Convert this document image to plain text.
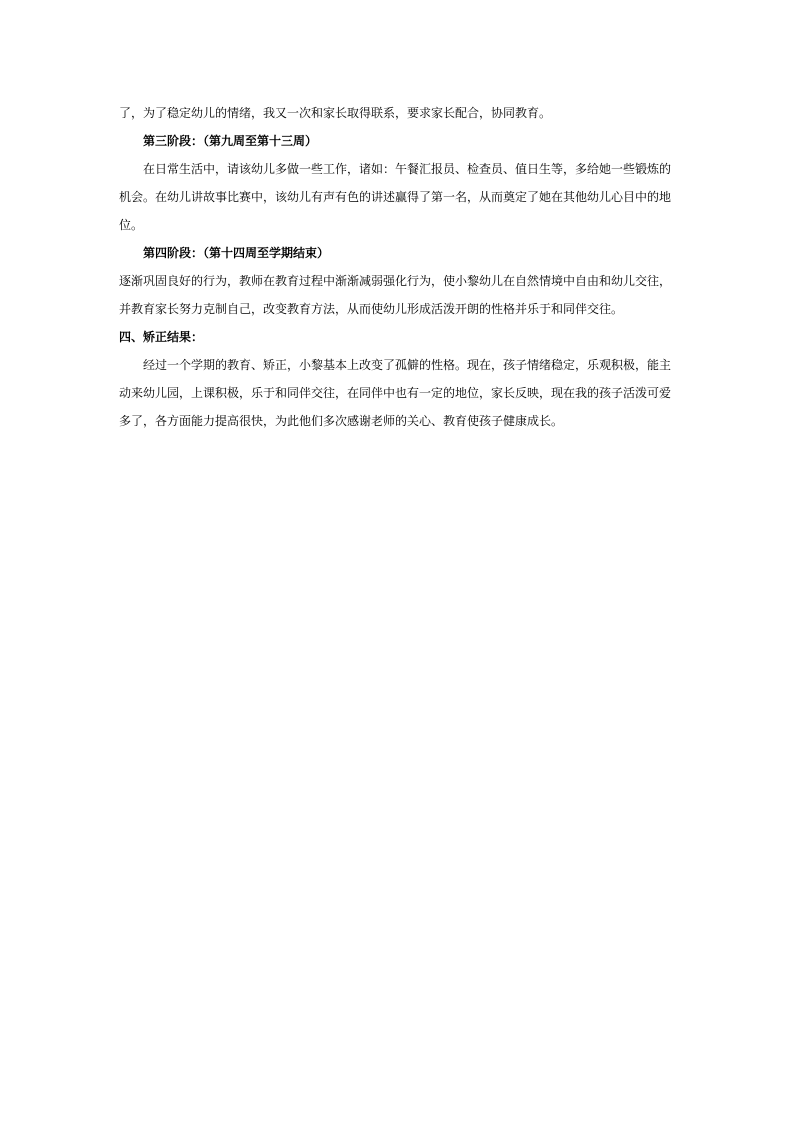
了，为了稳定幼儿的情绪，我又一次和家长取得联系，要求家长配合，协同教育。

第三阶段：（第九周至第十三周）

在日常生活中，请该幼儿多做一些工作，诸如：午餐汇报员、检查员、值日生等，多给她一些锻炼的机会。在幼儿讲故事比赛中，该幼儿有声有色的讲述赢得了第一名，从而奠定了她在其他幼儿心目中的地位。

第四阶段：（第十四周至学期结束）

逐渐巩固良好的行为，教师在教育过程中渐渐减弱强化行为，使小黎幼儿在自然情境中自由和幼儿交往，并教育家长努力克制自己，改变教育方法，从而使幼儿形成活泼开朗的性格并乐于和同伴交往。

四、矫正结果：

经过一个学期的教育、矫正，小黎基本上改变了孤僻的性格。现在，孩子情绪稳定，乐观积极，能主动来幼儿园，上课积极，乐于和同伴交往，在同伴中也有一定的地位，家长反映，现在我的孩子活泼可爱多了，各方面能力提高很快，为此他们多次感谢老师的关心、教育使孩子健康成长。
